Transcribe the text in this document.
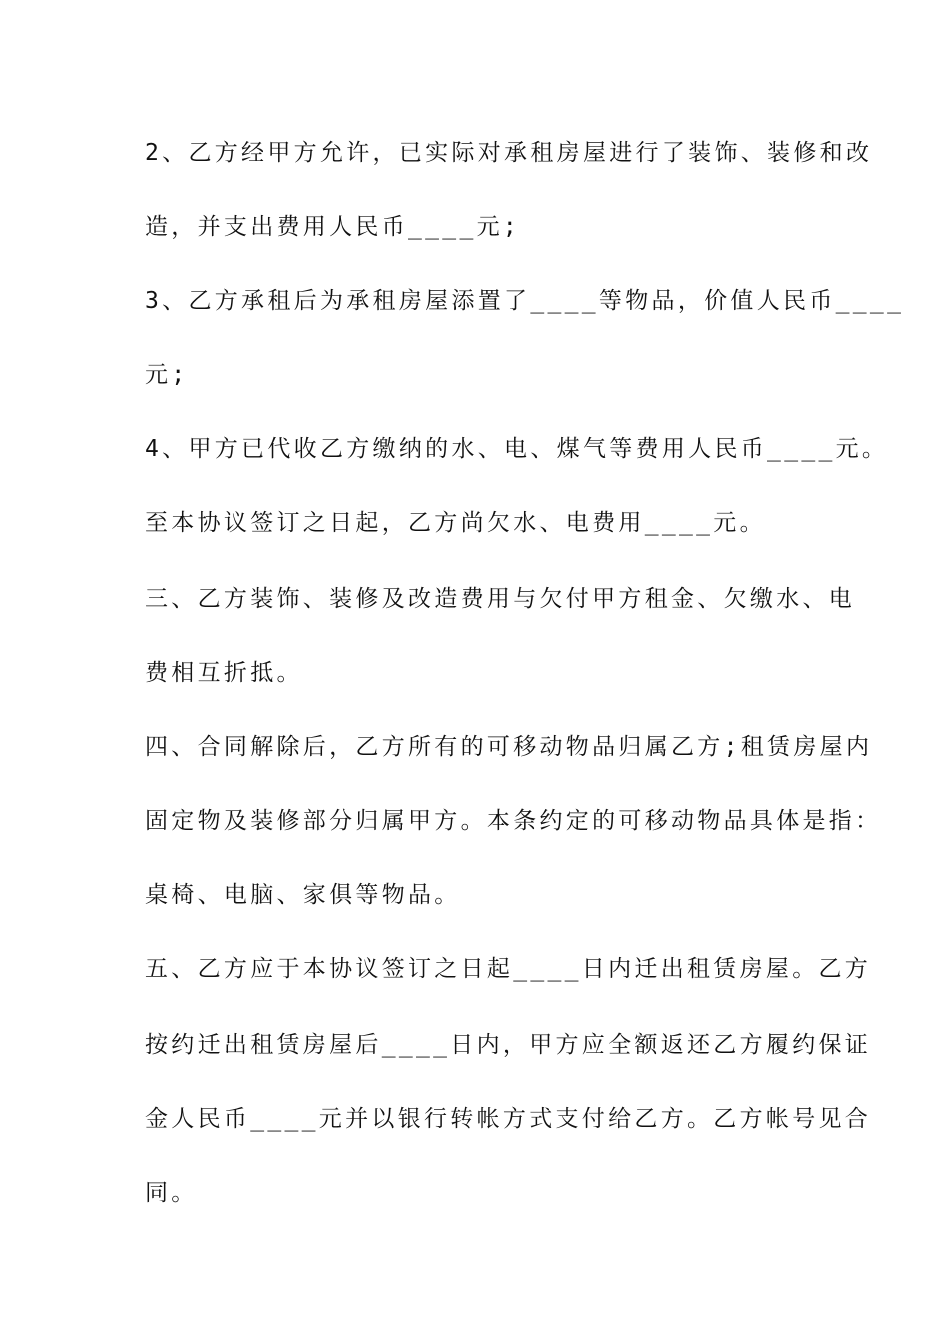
2、乙方经甲方允许，已实际对承租房屋进行了装饰、装修和改
造，并支出费用人民币____元;
3、乙方承租后为承租房屋添置了____等物品，价值人民币____
元;
4、甲方已代收乙方缴纳的水、电、煤气等费用人民币____元。
至本协议签订之日起，乙方尚欠水、电费用____元。
三、乙方装饰、装修及改造费用与欠付甲方租金、欠缴水、电
费相互折抵。
四、合同解除后，乙方所有的可移动物品归属乙方;租赁房屋内
固定物及装修部分归属甲方。本条约定的可移动物品具体是指：
桌椅、电脑、家俱等物品。
五、乙方应于本协议签订之日起____日内迁出租赁房屋。乙方
按约迁出租赁房屋后____日内，甲方应全额返还乙方履约保证
金人民币____元并以银行转帐方式支付给乙方。乙方帐号见合
同。
